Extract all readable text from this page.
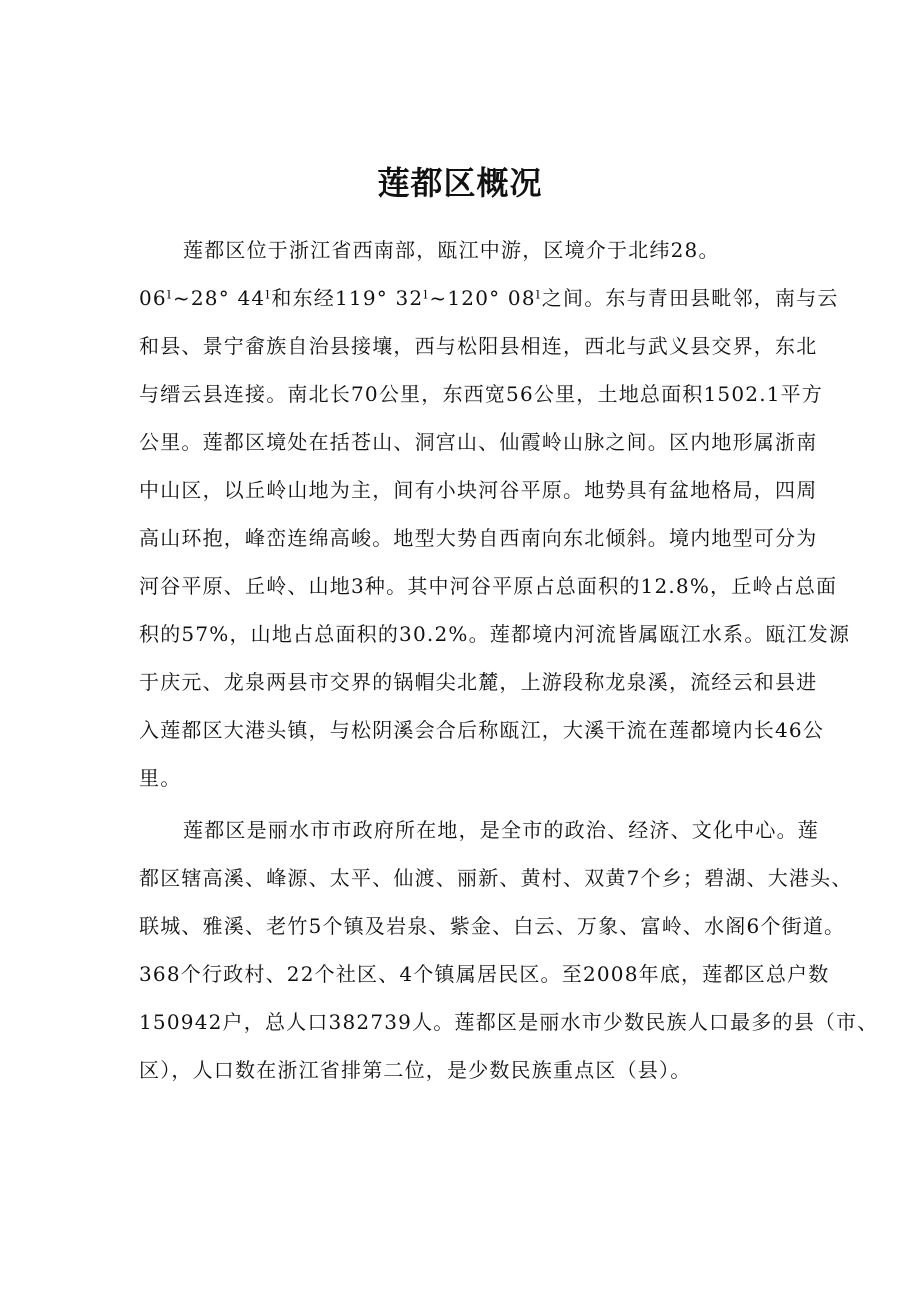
莲都区概况

莲都区位于浙江省西南部，瓯江中游，区境介于北纬28。
06ˡ~28° 44ˡ和东经119° 32ˡ~120° 08ˡ之间。东与青田县毗邻，南与云
和县、景宁畲族自治县接壤，西与松阳县相连，西北与武义县交界，东北
与缙云县连接。南北长70公里，东西宽56公里，土地总面积1502.1平方
公里。莲都区境处在括苍山、洞宫山、仙霞岭山脉之间。区内地形属浙南
中山区，以丘岭山地为主，间有小块河谷平原。地势具有盆地格局，四周
高山环抱，峰峦连绵高峻。地型大势自西南向东北倾斜。境内地型可分为
河谷平原、丘岭、山地3种。其中河谷平原占总面积的12.8%，丘岭占总面
积的57%，山地占总面积的30.2%。莲都境内河流皆属瓯江水系。瓯江发源
于庆元、龙泉两县市交界的锅帽尖北麓，上游段称龙泉溪，流经云和县进
入莲都区大港头镇，与松阴溪会合后称瓯江，大溪干流在莲都境内长46公
里。

莲都区是丽水市市政府所在地，是全市的政治、经济、文化中心。莲
都区辖高溪、峰源、太平、仙渡、丽新、黄村、双黄7个乡；碧湖、大港头、
联城、雅溪、老竹5个镇及岩泉、紫金、白云、万象、富岭、水阁6个街道。
368个行政村、22个社区、4个镇属居民区。至2008年底，莲都区总户数
150942户，总人口382739人。莲都区是丽水市少数民族人口最多的县（市、
区），人口数在浙江省排第二位，是少数民族重点区（县）。
